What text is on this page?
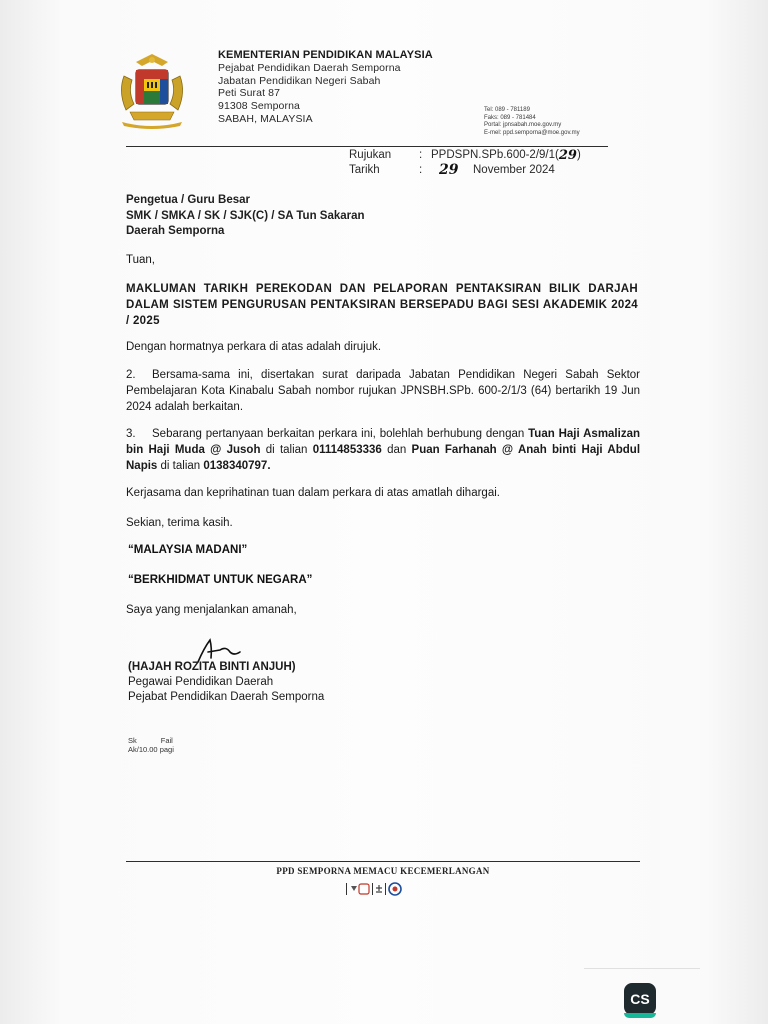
KEMENTERIAN PENDIDIKAN MALAYSIA
Pejabat Pendidikan Daerah Semporna
Jabatan Pendidikan Negeri Sabah
Peti Surat 87
91308 Semporna
SABAH, MALAYSIA
Tel: 089 - 781189
Faks: 089 - 781484
Portal: jpnsabah.moe.gov.my
E-mel: ppd.semporna@moe.gov.my
Rujukan	: PPDSPN.SPb.600-2/9/1( 29 )
Tarikh	:	29	November 2024
Pengetua / Guru Besar
SMK / SMKA / SK / SJK(C) / SA Tun Sakaran
Daerah Semporna
Tuan,
MAKLUMAN TARIKH PEREKODAN DAN PELAPORAN PENTAKSIRAN BILIK DARJAH DALAM SISTEM PENGURUSAN PENTAKSIRAN BERSEPADU BAGI SESI AKADEMIK 2024 / 2025
Dengan hormatnya perkara di atas adalah dirujuk.
2. Bersama-sama ini, disertakan surat daripada Jabatan Pendidikan Negeri Sabah Sektor Pembelajaran Kota Kinabalu Sabah nombor rujukan JPNSBH.SPb. 600-2/1/3 (64) bertarikh 19 Jun 2024 adalah berkaitan.
3. Sebarang pertanyaan berkaitan perkara ini, bolehlah berhubung dengan Tuan Haji Asmalizan bin Haji Muda @ Jusoh di talian 01114853336 dan Puan Farhanah @ Anah binti Haji Abdul Napis di talian 0138340797.
Kerjasama dan keprihatinan tuan dalam perkara di atas amatlah dihargai.
Sekian, terima kasih.
“MALAYSIA MADANI”
“BERKHIDMAT UNTUK NEGARA”
Saya yang menjalankan amanah,
(HAJAH ROZITA BINTI ANJUH)
Pegawai Pendidikan Daerah
Pejabat Pendidikan Daerah Semporna
Sk	Fail
Ak/10.00 pagi
PPD SEMPORNA MEMACU KECEMERLANGAN
CS
